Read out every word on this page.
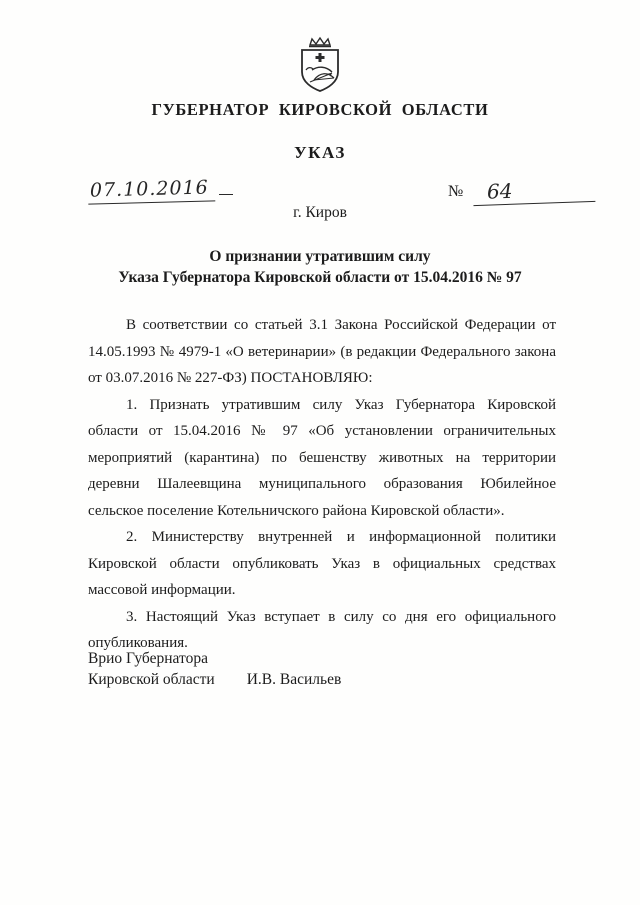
ГУБЕРНАТОР КИРОВСКОЙ ОБЛАСТИ
УКАЗ
07.10.2016	№ 64
г. Киров
О признании утратившим силу
Указа Губернатора Кировской области от 15.04.2016 № 97

В соответствии со статьей 3.1 Закона Российской Федерации от 14.05.1993 № 4979-1 «О ветеринарии» (в редакции Федерального закона от 03.07.2016 № 227-ФЗ) ПОСТАНОВЛЯЮ:

1. Признать утратившим силу Указ Губернатора Кировской области от 15.04.2016 № 97 «Об установлении ограничительных мероприятий (карантина) по бешенству животных на территории деревни Шалеевщина муниципального образования Юбилейное сельское поселение Котельничского района Кировской области».

2. Министерству внутренней и информационной политики Кировской области опубликовать Указ в официальных средствах массовой информации.

3. Настоящий Указ вступает в силу со дня его официального опубликования.

Врио Губернатора
Кировской области И.В. Васильев
